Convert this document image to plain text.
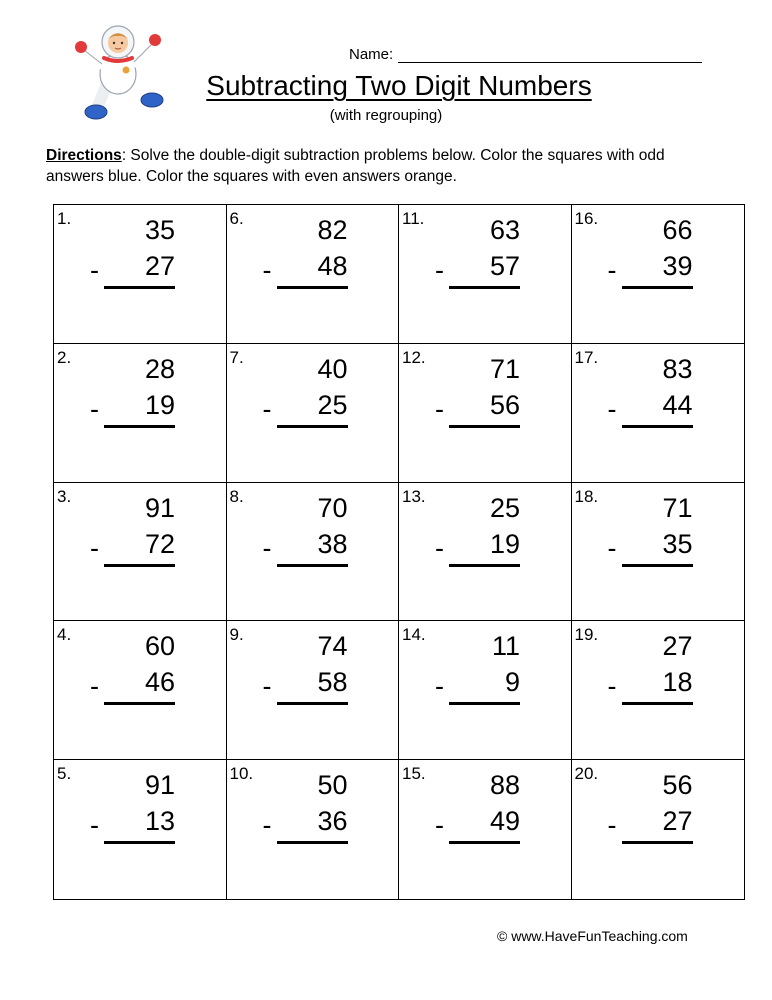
Name:
Subtracting Two Digit Numbers
(with regrouping)
Directions: Solve the double-digit subtraction problems below. Color the squares with odd answers blue. Color the squares with even answers orange.
1.	35
-	27
6.	82
-	48
11.	63
-	57
16.	66
-	39
2.	28
-	19
7.	40
-	25
12.	71
-	56
17.	83
-	44
3.	91
-	72
8.	70
-	38
13.	25
-	19
18.	71
-	35
4.	60
-	46
9.	74
-	58
14.	11
-	9
19.	27
-	18
5.	91
-	13
10.	50
-	36
15.	88
-	49
20.	56
-	27
© www.HaveFunTeaching.com
